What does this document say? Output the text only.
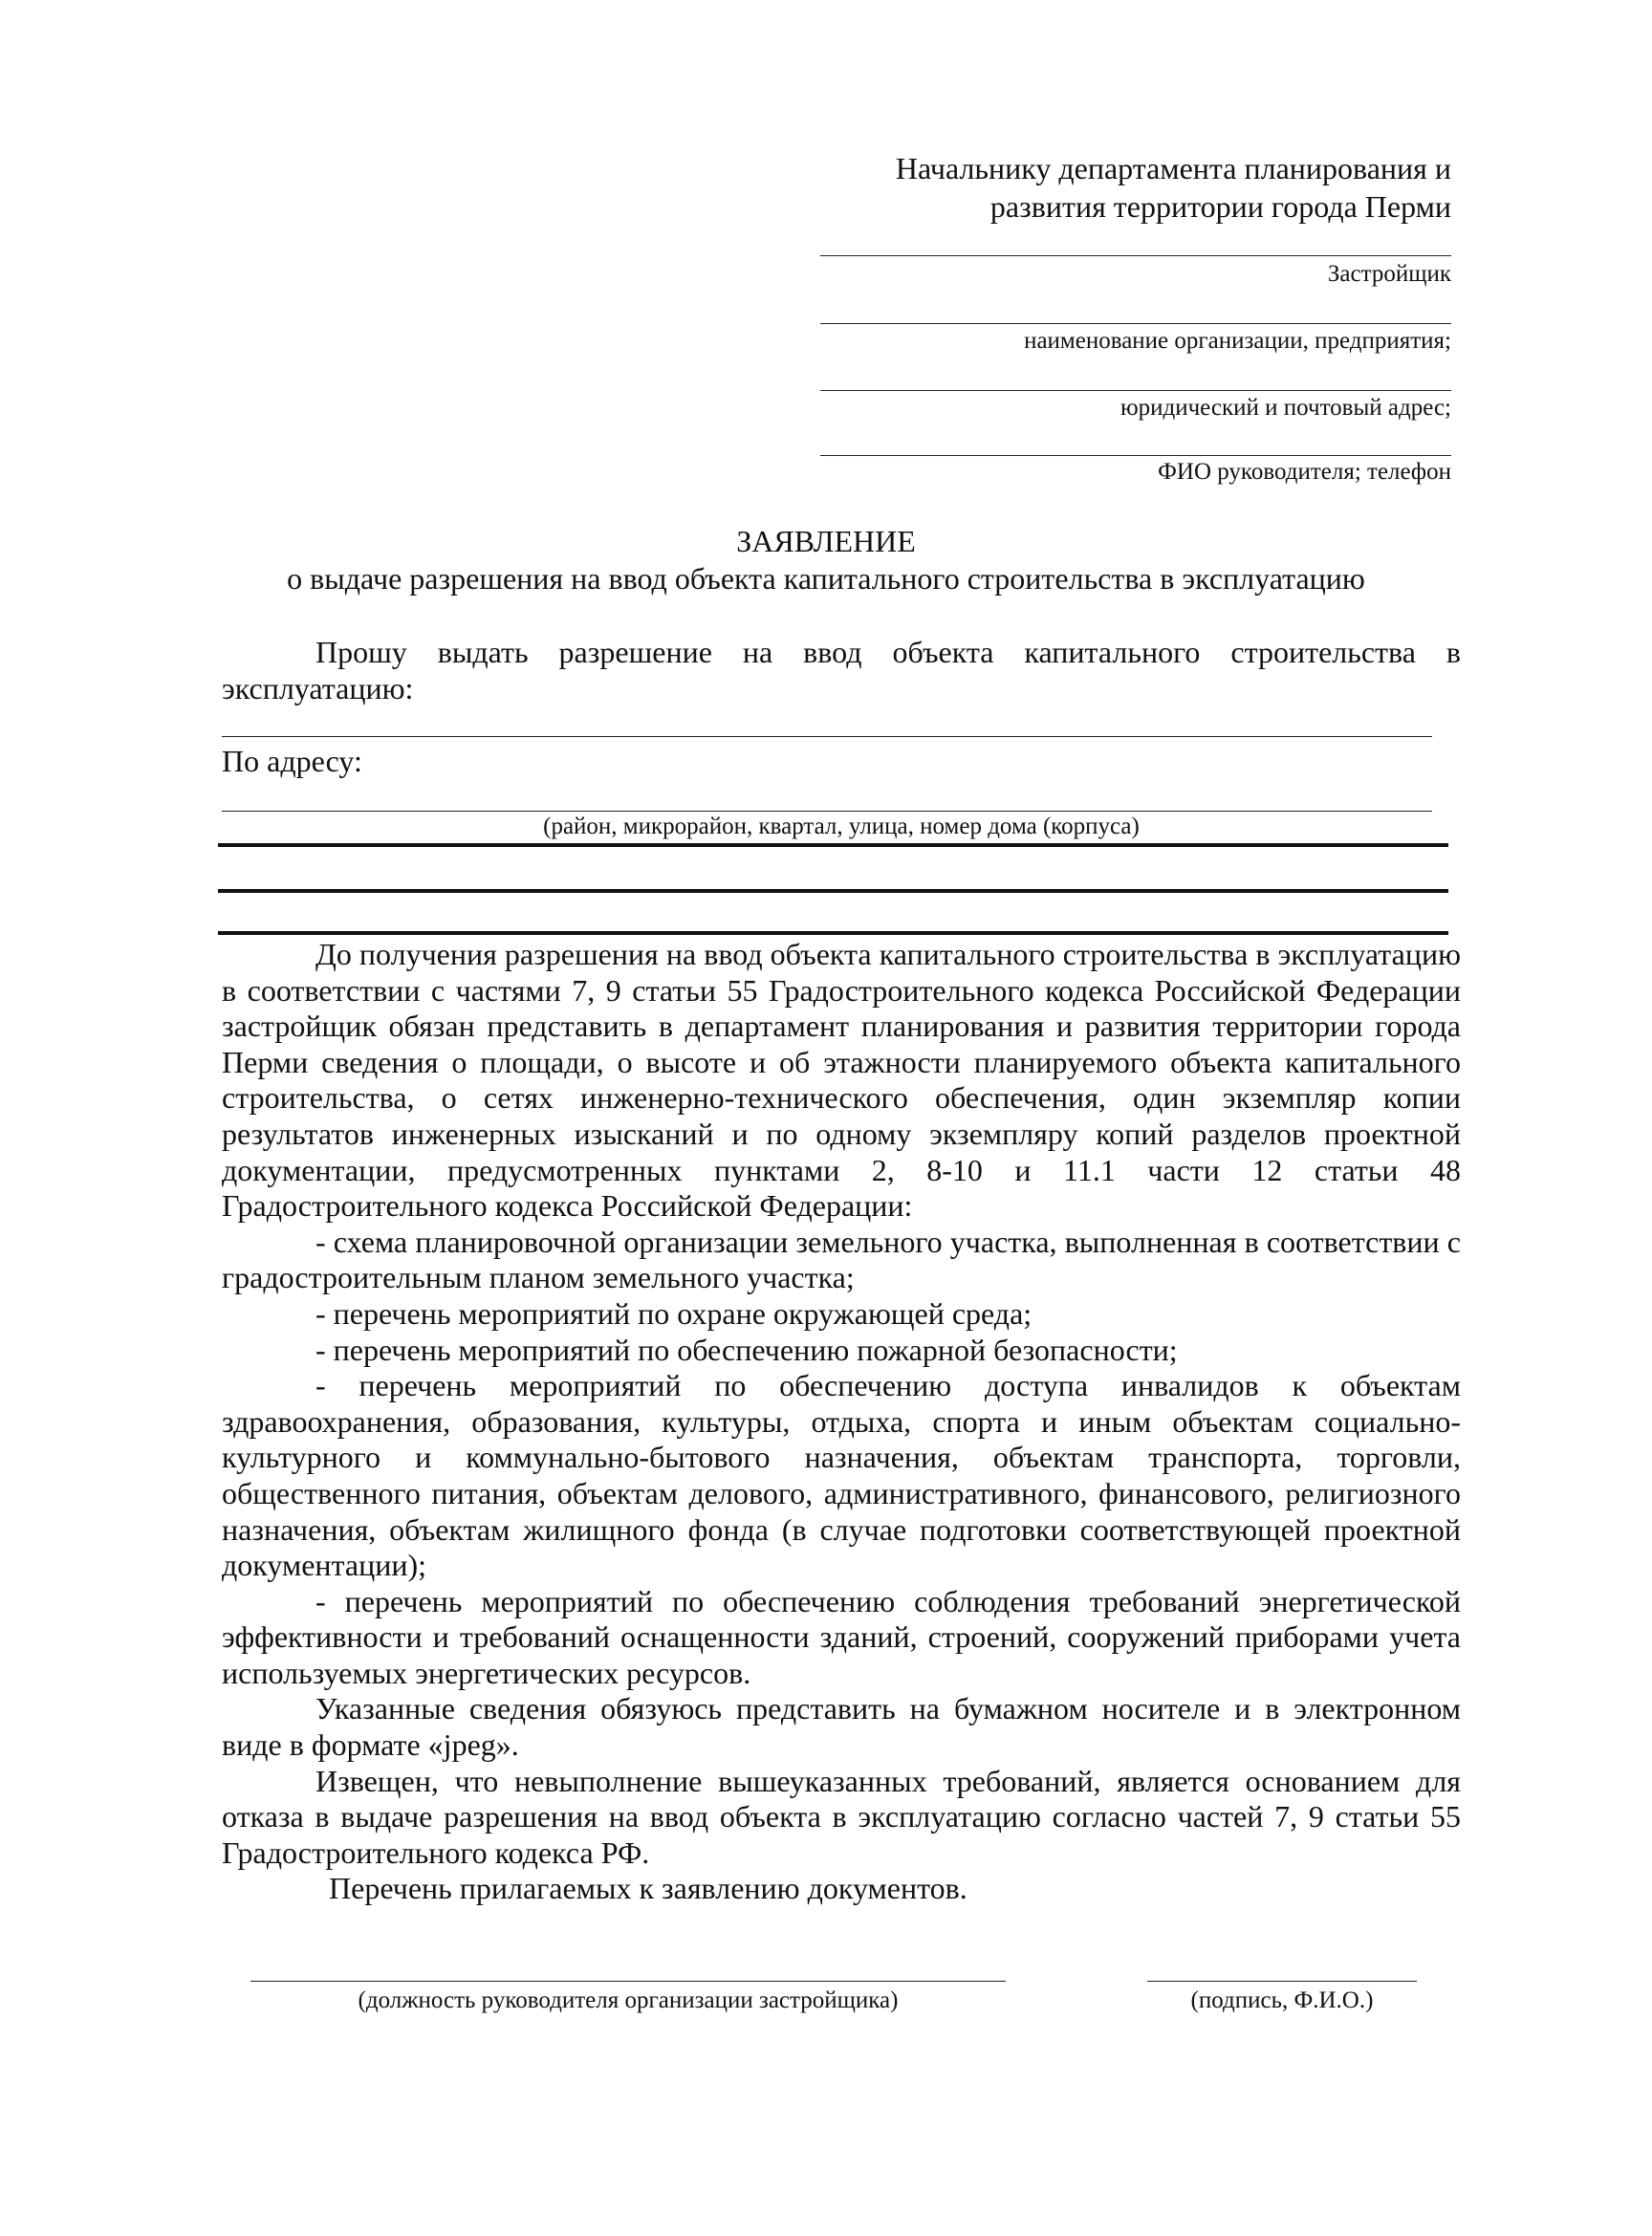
Начальнику департамента планирования и
развития территории города Перми
Застройщик
наименование организации, предприятия;
юридический и почтовый адрес;
ФИО руководителя; телефон
ЗАЯВЛЕНИЕ
о выдаче разрешения на ввод объекта капитального строительства в эксплуатацию

Прошу выдать разрешение на ввод объекта капитального строительства в эксплуатацию:

По адресу:
(район, микрорайон, квартал, улица, номер дома (корпуса)

До получения разрешения на ввод объекта капитального строительства в эксплуатацию в соответствии с частями 7, 9 статьи 55 Градостроительного кодекса Российской Федерации застройщик обязан представить в департамент планирования и развития территории города Перми сведения о площади, о высоте и об этажности планируемого объекта капитального строительства, о сетях инженерно-технического обеспечения, один экземпляр копии результатов инженерных изысканий и по одному экземпляру копий разделов проектной документации, предусмотренных пунктами 2, 8-10 и 11.1 части 12 статьи 48 Градостроительного кодекса Российской Федерации:

- схема планировочной организации земельного участка, выполненная в соответствии с градостроительным планом земельного участка;

- перечень мероприятий по охране окружающей среда;

- перечень мероприятий по обеспечению пожарной безопасности;

- перечень мероприятий по обеспечению доступа инвалидов к объектам здравоохранения, образования, культуры, отдыха, спорта и иным объектам социально-культурного и коммунально-бытового назначения, объектам транспорта, торговли, общественного питания, объектам делового, административного, финансового, религиозного назначения, объектам жилищного фонда (в случае подготовки соответствующей проектной документации);

- перечень мероприятий по обеспечению соблюдения требований энергетической эффективности и требований оснащенности зданий, строений, сооружений приборами учета используемых энергетических ресурсов.

Указанные сведения обязуюсь представить на бумажном носителе и в электронном виде в формате «jpeg».

Извещен, что невыполнение вышеуказанных требований, является основанием для отказа в выдаче разрешения на ввод объекта в эксплуатацию согласно частей 7, 9 статьи 55 Градостроительного кодекса РФ.

Перечень прилагаемых к заявлению документов.

(должность руководителя организации застройщика)	(подпись, Ф.И.О.)
